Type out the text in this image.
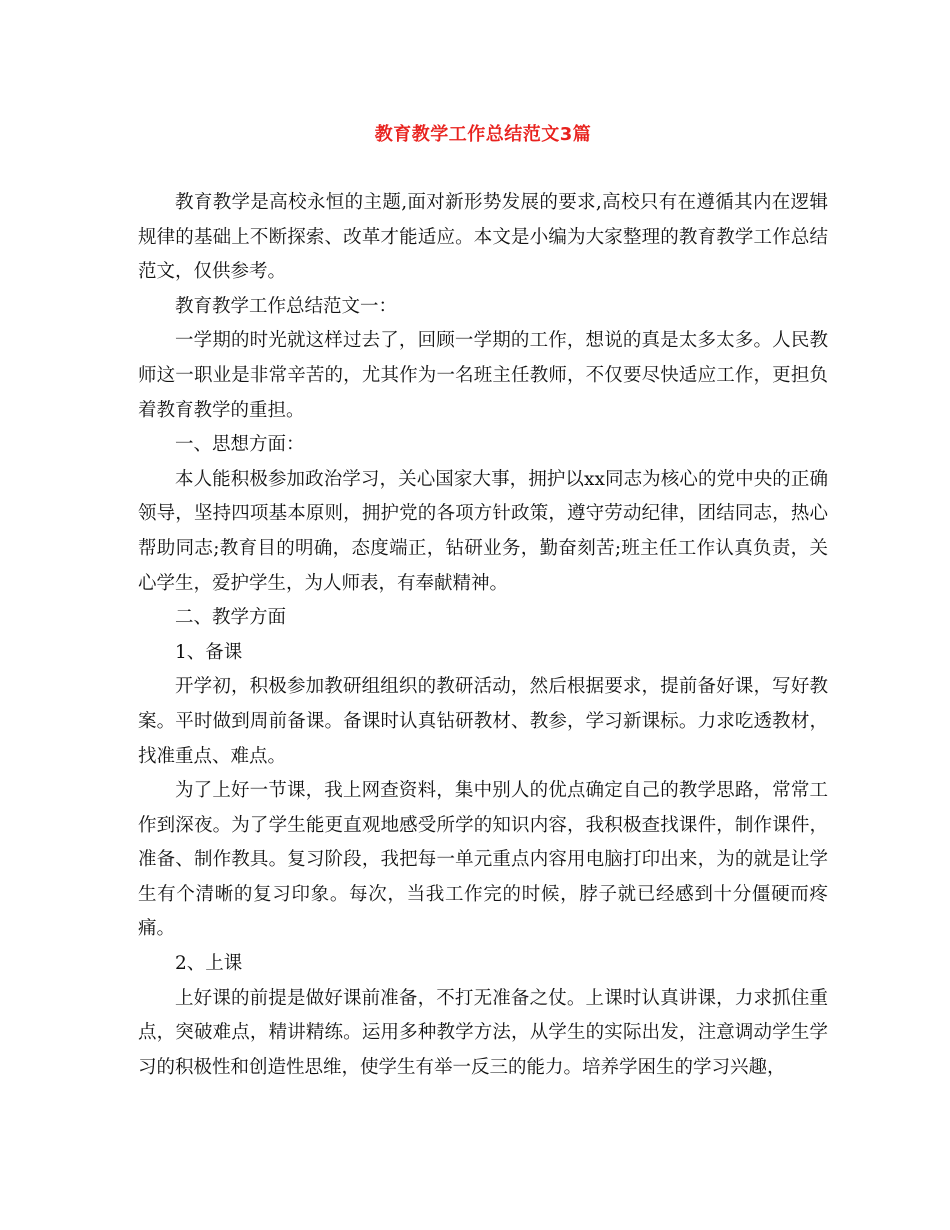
教育教学工作总结范文3篇

教育教学是高校永恒的主题,面对新形势发展的要求,高校只有在遵循其内在逻辑规律的基础上不断探索、改革才能适应。本文是小编为大家整理的教育教学工作总结范文，仅供参考。

教育教学工作总结范文一：

一学期的时光就这样过去了，回顾一学期的工作，想说的真是太多太多。人民教师这一职业是非常辛苦的，尤其作为一名班主任教师，不仅要尽快适应工作，更担负着教育教学的重担。

一、思想方面：

本人能积极参加政治学习，关心国家大事，拥护以xx同志为核心的党中央的正确领导，坚持四项基本原则，拥护党的各项方针政策，遵守劳动纪律，团结同志，热心帮助同志;教育目的明确，态度端正，钻研业务，勤奋刻苦;班主任工作认真负责，关心学生，爱护学生，为人师表，有奉献精神。

二、教学方面

1、备课

开学初，积极参加教研组组织的教研活动，然后根据要求，提前备好课，写好教案。平时做到周前备课。备课时认真钻研教材、教参，学习新课标。力求吃透教材，找准重点、难点。

为了上好一节课，我上网查资料，集中别人的优点确定自己的教学思路，常常工作到深夜。为了学生能更直观地感受所学的知识内容，我积极查找课件，制作课件，准备、制作教具。复习阶段，我把每一单元重点内容用电脑打印出来，为的就是让学生有个清晰的复习印象。每次，当我工作完的时候，脖子就已经感到十分僵硬而疼痛。

2、上课

上好课的前提是做好课前准备，不打无准备之仗。上课时认真讲课，力求抓住重点，突破难点，精讲精练。运用多种教学方法，从学生的实际出发，注意调动学生学习的积极性和创造性思维，使学生有举一反三的能力。培养学困生的学习兴趣，
